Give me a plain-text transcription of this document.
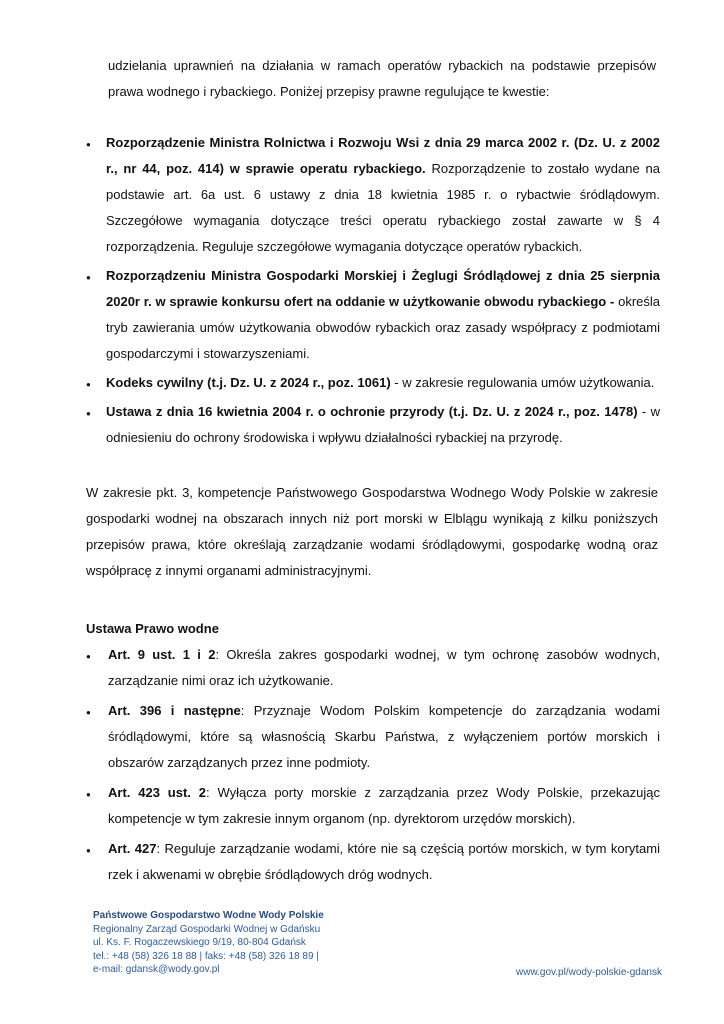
udzielania uprawnień na działania w ramach operatów rybackich na podstawie przepisów prawa wodnego i rybackiego. Poniżej przepisy prawne regulujące te kwestie:

●

Rozporządzenie Ministra Rolnictwa i Rozwoju Wsi z dnia 29 marca 2002 r. (Dz. U. z 2002 r., nr 44, poz. 414) w sprawie operatu rybackiego. Rozporządzenie to zostało wydane na podstawie art. 6a ust. 6 ustawy z dnia 18 kwietnia 1985 r. o rybactwie śródlądowym. Szczegółowe wymagania dotyczące treści operatu rybackiego został zawarte w § 4 rozporządzenia. Reguluje szczegółowe wymagania dotyczące operatów rybackich.

●

Rozporządzeniu Ministra Gospodarki Morskiej i Żeglugi Śródlądowej z dnia 25 sierpnia 2020r r. w sprawie konkursu ofert na oddanie w użytkowanie obwodu rybackiego - określa tryb zawierania umów użytkowania obwodów rybackich oraz zasady współpracy z podmiotami gospodarczymi i stowarzyszeniami.

●

Kodeks cywilny (t.j. Dz. U. z 2024 r., poz. 1061) - w zakresie regulowania umów użytkowania.

●

Ustawa z dnia 16 kwietnia 2004 r. o ochronie przyrody (t.j. Dz. U. z 2024 r., poz. 1478) - w odniesieniu do ochrony środowiska i wpływu działalności rybackiej na przyrodę.

W zakresie pkt. 3, kompetencje Państwowego Gospodarstwa Wodnego Wody Polskie w zakresie gospodarki wodnej na obszarach innych niż port morski w Elblągu wynikają z kilku poniższych przepisów prawa, które określają zarządzanie wodami śródlądowymi, gospodarkę wodną oraz współpracę z innymi organami administracyjnymi.

Ustawa Prawo wodne
●

Art. 9 ust. 1 i 2: Określa zakres gospodarki wodnej, w tym ochronę zasobów wodnych, zarządzanie nimi oraz ich użytkowanie.

●

Art. 396 i następne: Przyznaje Wodom Polskim kompetencje do zarządzania wodami śródlądowymi, które są własnością Skarbu Państwa, z wyłączeniem portów morskich i obszarów zarządzanych przez inne podmioty.

●

Art. 423 ust. 2: Wyłącza porty morskie z zarządzania przez Wody Polskie, przekazując kompetencje w tym zakresie innym organom (np. dyrektorom urzędów morskich).

●

Art. 427: Reguluje zarządzanie wodami, które nie są częścią portów morskich, w tym korytami rzek i akwenami w obrębie śródlądowych dróg wodnych.

Państwowe Gospodarstwo Wodne Wody Polskie
Regionalny Zarząd Gospodarki Wodnej w Gdańsku
ul. Ks. F. Rogaczewskiego 9/19, 80-804 Gdańsk
tel.: +48 (58) 326 18 88 | faks: +48 (58) 326 18 89 |
e-mail: gdansk@wody.gov.pl	www.gov.pl/wody-polskie-gdansk
